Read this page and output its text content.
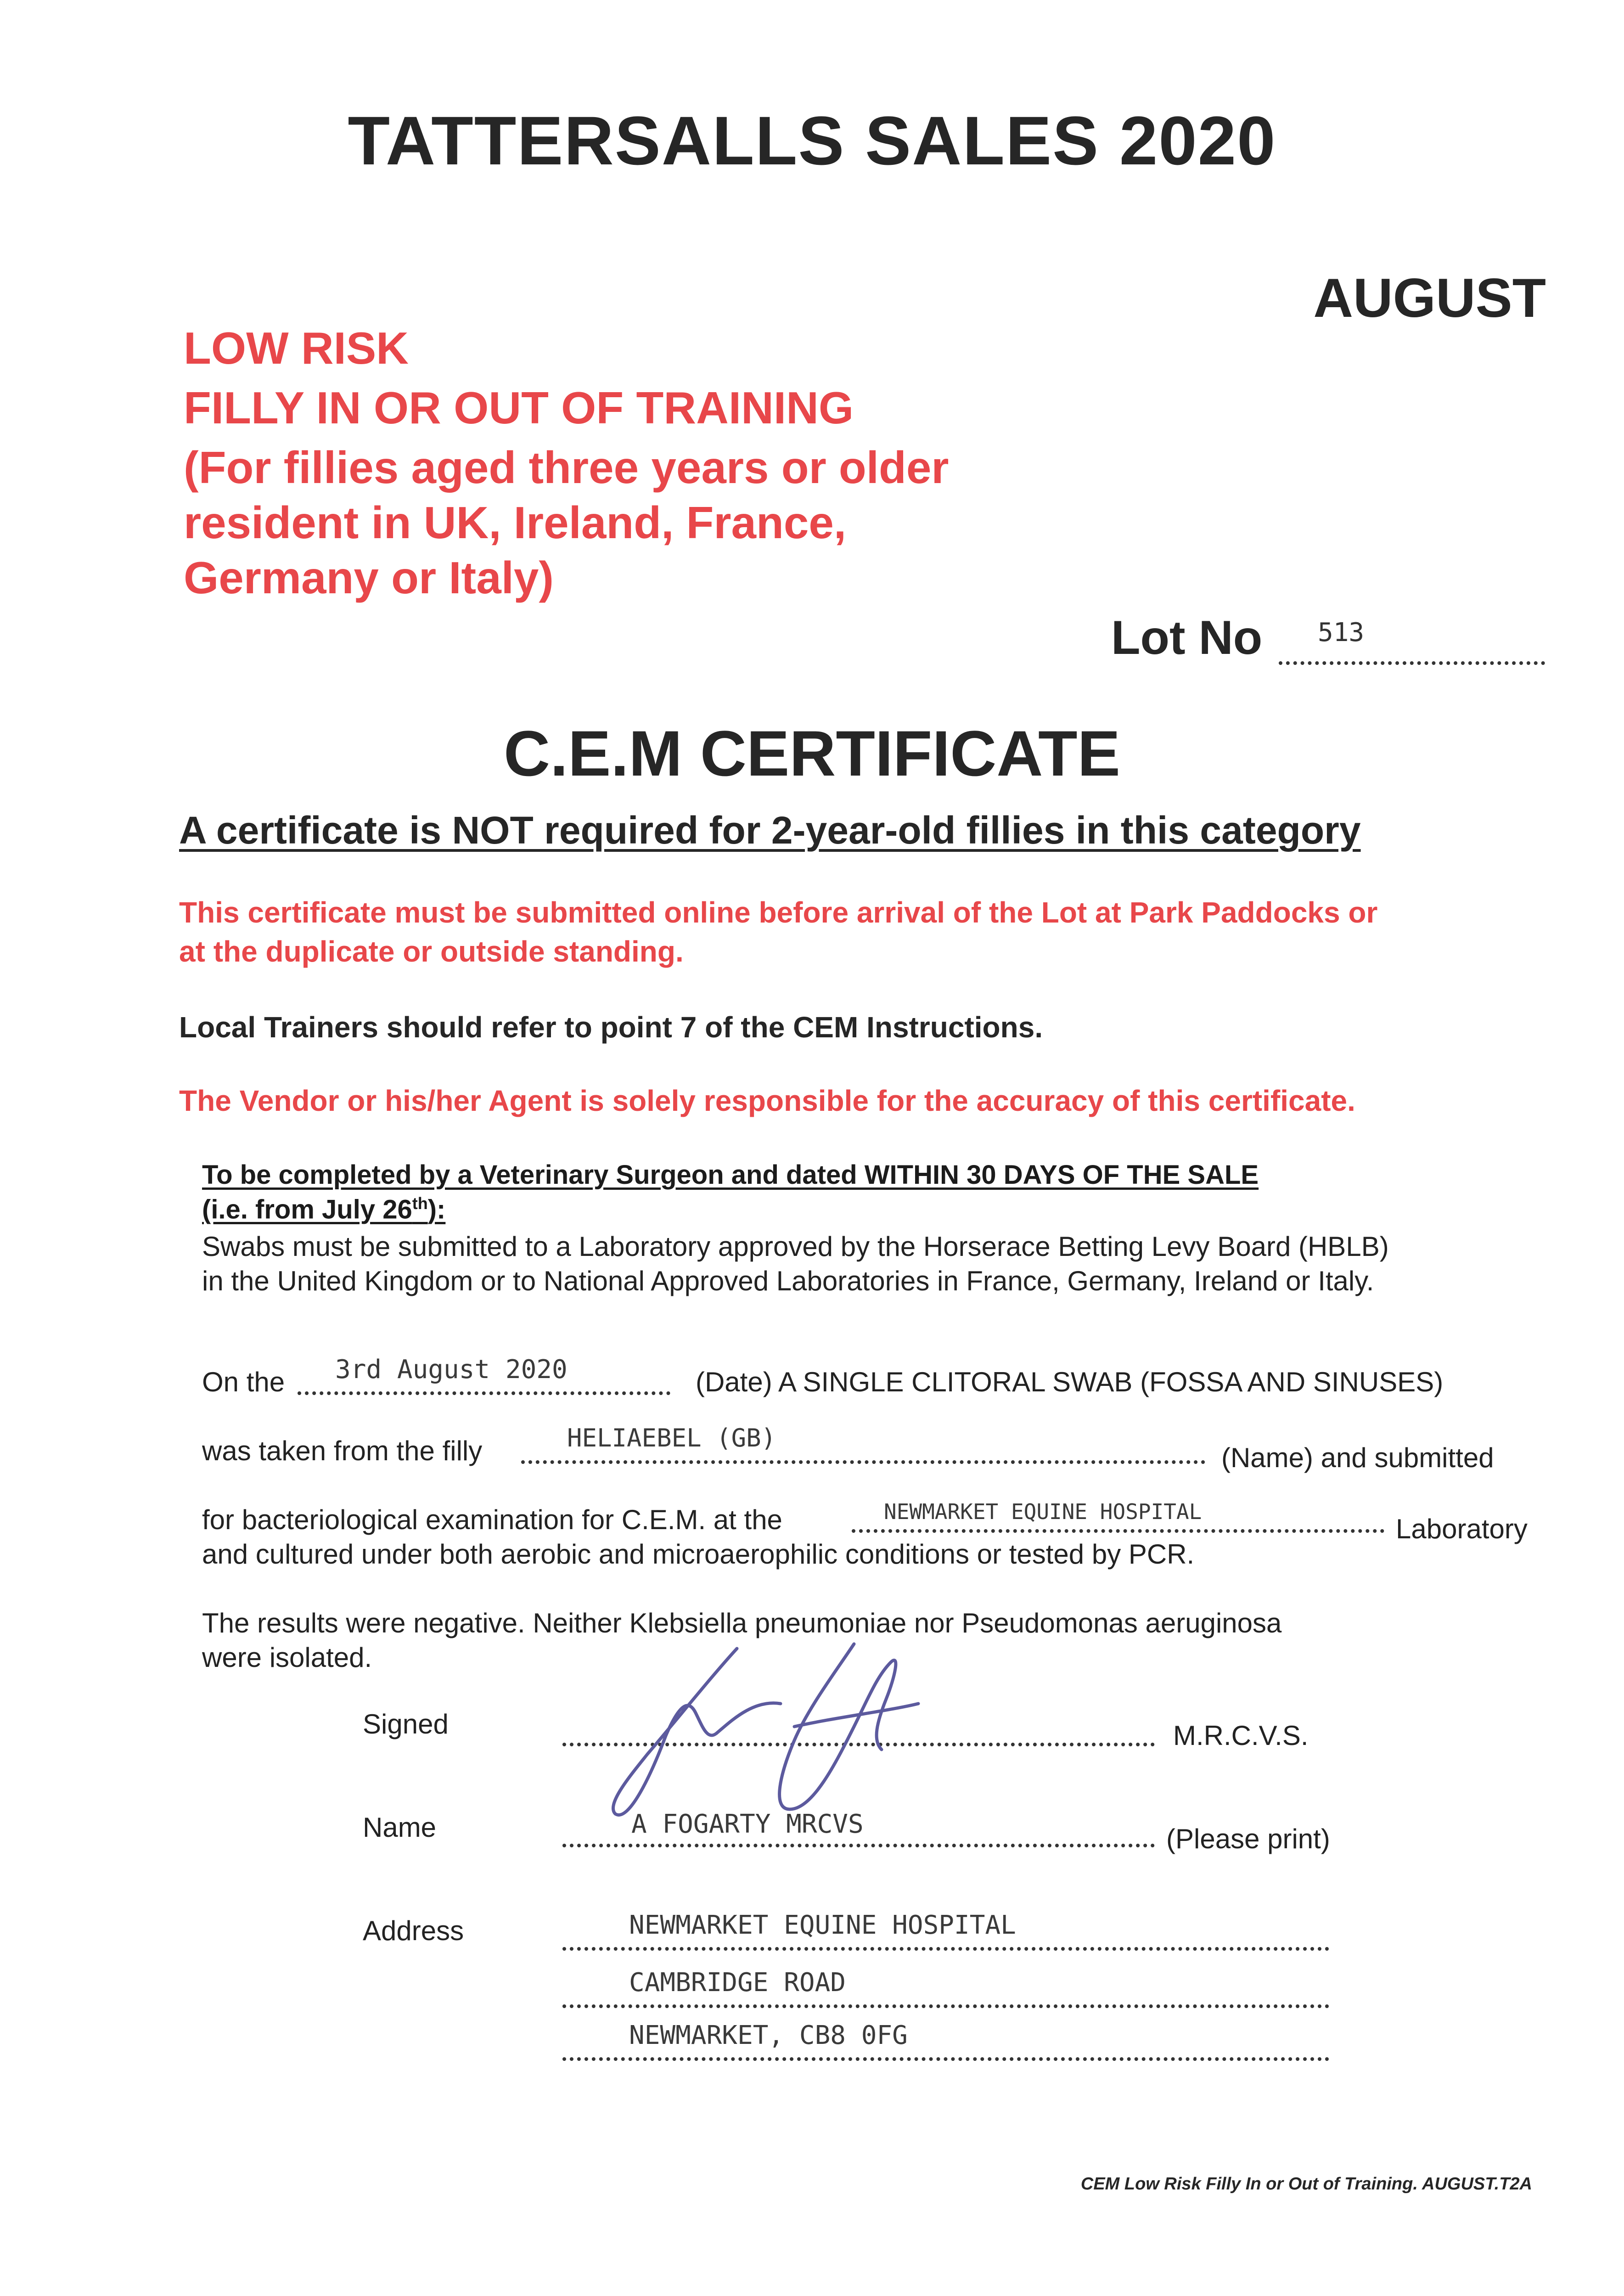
TATTERSALLS SALES 2020
AUGUST
LOW RISK
FILLY IN OR OUT OF TRAINING
(For fillies aged three years or older
resident in UK, Ireland, France,
Germany or Italy)
Lot No 513
C.E.M CERTIFICATE
A certificate is NOT required for 2-year-old fillies in this category
This certificate must be submitted online before arrival of the Lot at Park Paddocks or
at the duplicate or outside standing.
Local Trainers should refer to point 7 of the CEM Instructions.
The Vendor or his/her Agent is solely responsible for the accuracy of this certificate.
To be completed by a Veterinary Surgeon and dated WITHIN 30 DAYS OF THE SALE
(i.e. from July 26th):
Swabs must be submitted to a Laboratory approved by the Horserace Betting Levy Board (HBLB)
in the United Kingdom or to National Approved Laboratories in France, Germany, Ireland or Italy.
On the 3rd August 2020	(Date) A SINGLE CLITORAL SWAB (FOSSA AND SINUSES)
was taken from the filly	HELIAEBEL (GB)
(Name) and submitted
for bacteriological examination for C.E.M. at the	NEWMARKET EQUINE HOSPITAL
Laboratory
and cultured under both aerobic and microaerophilic conditions or tested by PCR.
The results were negative. Neither Klebsiella pneumoniae nor Pseudomonas aeruginosa
were isolated.
Signed	M.R.C.V.S.
Name	A FOGARTY MRCVS	(Please print)
Address	NEWMARKET EQUINE HOSPITAL
CAMBRIDGE ROAD
NEWMARKET, CB8 0FG
CEM Low Risk Filly In or Out of Training. AUGUST.T2A
